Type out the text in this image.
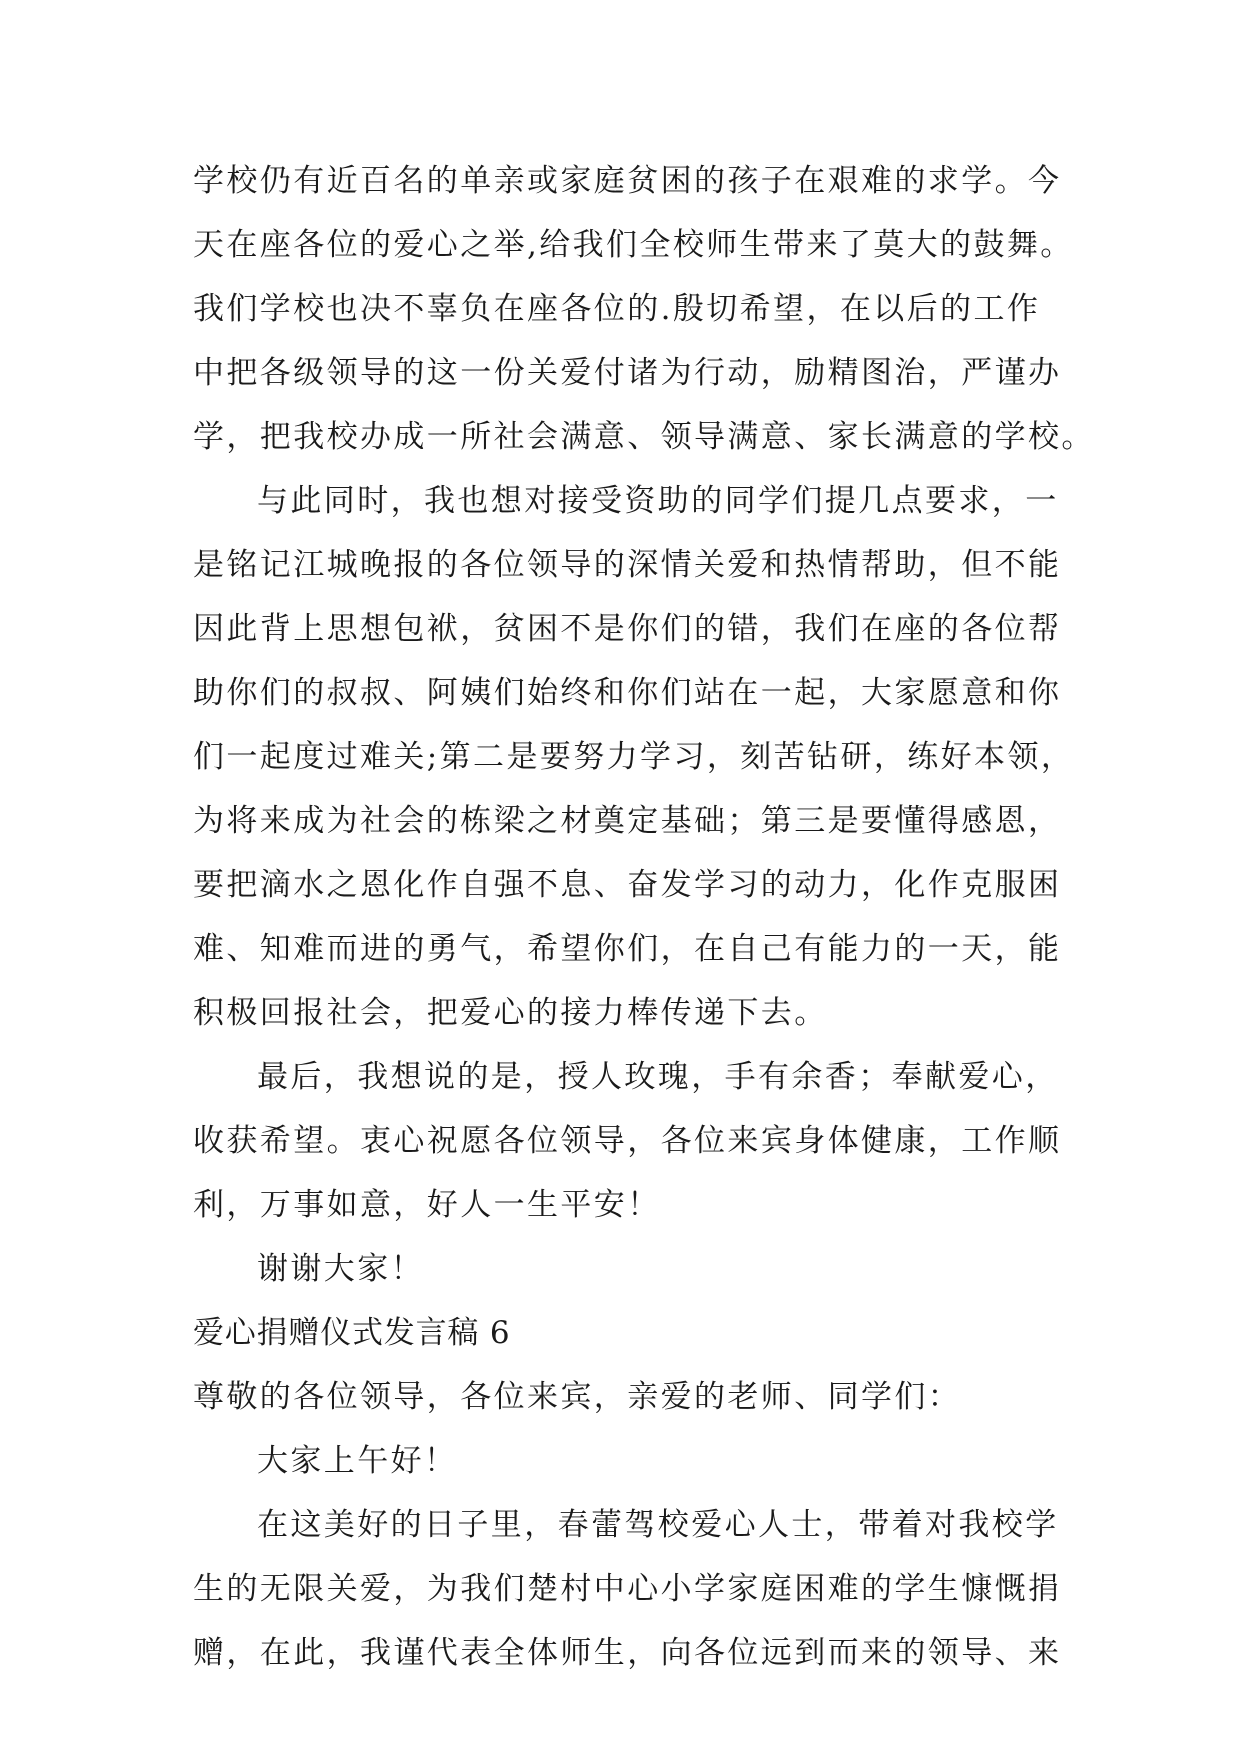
学校仍有近百名的单亲或家庭贫困的孩子在艰难的求学。今
天在座各位的爱心之举,给我们全校师生带来了莫大的鼓舞。
我们学校也决不辜负在座各位的.殷切希望，在以后的工作
中把各级领导的这一份关爱付诸为行动，励精图治，严谨办
学，把我校办成一所社会满意、领导满意、家长满意的学校。
与此同时，我也想对接受资助的同学们提几点要求，一
是铭记江城晚报的各位领导的深情关爱和热情帮助，但不能
因此背上思想包袱，贫困不是你们的错，我们在座的各位帮
助你们的叔叔、阿姨们始终和你们站在一起，大家愿意和你
们一起度过难关;第二是要努力学习，刻苦钻研，练好本领，
为将来成为社会的栋梁之材奠定基础；第三是要懂得感恩，
要把滴水之恩化作自强不息、奋发学习的动力，化作克服困
难、知难而进的勇气，希望你们，在自己有能力的一天，能
积极回报社会，把爱心的接力棒传递下去。
最后，我想说的是，授人玫瑰，手有余香；奉献爱心，
收获希望。衷心祝愿各位领导，各位来宾身体健康，工作顺
利，万事如意，好人一生平安！
谢谢大家！
爱心捐赠仪式发言稿 6
尊敬的各位领导，各位来宾，亲爱的老师、同学们：
大家上午好！
在这美好的日子里，春蕾驾校爱心人士，带着对我校学
生的无限关爱，为我们楚村中心小学家庭困难的学生慷慨捐
赠，在此，我谨代表全体师生，向各位远到而来的领导、来
